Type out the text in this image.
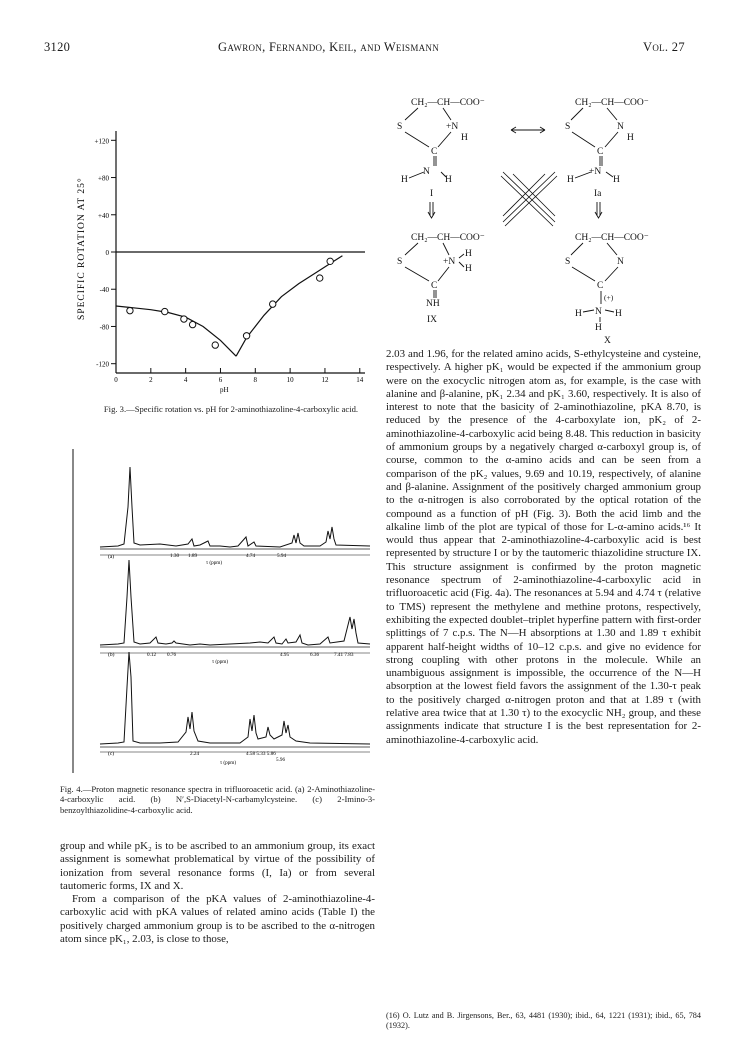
3120	Gawron, Fernando, Keil, and Weismann	Vol. 27
SPECIFIC ROTATION AT 25°
+120
+80
+40
0
-40
-80
-120
0	2	4	6	8	10	12	14
pH

Fig. 3.—Specific rotation vs. pH for 2-aminothiazoline-4-carboxylic acid.

(a)	1.30 1.89	4.74	5.94
τ (ppm)
(b)	0.12 0.76	4.95	6.36	7.41 7.83
τ (ppm)
(c)	2.24	4.58 5.33 5.86
5.96
τ (ppm)

Fig. 4.—Proton magnetic resonance spectra in trifluoroacetic acid. (a) 2-Aminothiazoline-4-carboxylic acid. (b) N′,S-Diacetyl-N-carbamylcysteine. (c) 2-Imino-3-benzoylthiazolidine-4-carboxylic acid.

group and while pK₂ is to be ascribed to an ammonium group, its exact assignment is somewhat problematical by virtue of the possibility of ionization from several resonance forms (I, Ia) or from several tautomeric forms, IX and X.

From a comparison of the pKA values of 2-aminothiazoline-4-carboxylic acid with pKA values of related amino acids (Table I) the positively charged ammonium group is to be ascribed to the α-nitrogen atom since pK₁, 2.03, is close to those,

CH₂—CH—COO⁻
S	+N
H
C
N
H	H
I
CH₂—CH—COO⁻
S	N
H
C
+N
H	H
Ia
CH₂—CH—COO⁻
S	+N
H
H
C
NH
IX
CH₂—CH—COO⁻
S	N
C
(+)
N
H	H
H
X

2.03 and 1.96, for the related amino acids, S-ethylcysteine and cysteine, respectively. A higher pK₁ would be expected if the ammonium group were on the exocyclic nitrogen atom as, for example, is the case with alanine and β-alanine, pK₁ 2.34 and pK₁ 3.60, respectively. It is also of interest to note that the basicity of 2-aminothiazoline, pKA 8.70, is reduced by the presence of the 4-carboxylate ion, pK₂ of 2-aminothiazoline-4-carboxylic acid being 8.48. This reduction in basicity of ammonium groups by a negatively charged α-carboxyl group is, of course, common to the α-amino acids and can be seen from a comparison of the pK₂ values, 9.69 and 10.19, respectively, of alanine and β-alanine. Assignment of the positively charged ammonium group to the α-nitrogen is also corroborated by the optical rotation of the compound as a function of pH (Fig. 3). Both the acid limb and the alkaline limb of the plot are typical of those for L-α-amino acids.¹⁶ It would thus appear that 2-aminothiazoline-4-carboxylic acid is best represented by structure I or by the tautomeric thiazolidine structure IX. This structure assignment is confirmed by the proton magnetic resonance spectrum of 2-aminothiazoline-4-carboxylic acid in trifluoroacetic acid (Fig. 4a). The resonances at 5.94 and 4.74 τ (relative to TMS) represent the methylene and methine protons, respectively, exhibiting the expected doublet–triplet hyperfine pattern with first-order splittings of 7 c.p.s. The N—H absorptions at 1.30 and 1.89 τ exhibit apparent half-height widths of 10–12 c.p.s. and give no evidence for strong coupling with other protons in the molecule. While an unambiguous assignment is impossible, the occurrence of the N—H absorption at the lowest field favors the assignment of the 1.30-τ peak to the positively charged α-nitrogen proton and that at 1.89 τ (with relative area twice that at 1.30 τ) to the exocyclic NH₂ group, and these assignments indicate that structure I is the best representation for 2-aminothiazoline-4-carboxylic acid.

(16) O. Lutz and B. Jirgensons, Ber., 63, 4481 (1930); ibid., 64, 1221 (1931); ibid., 65, 784 (1932).
